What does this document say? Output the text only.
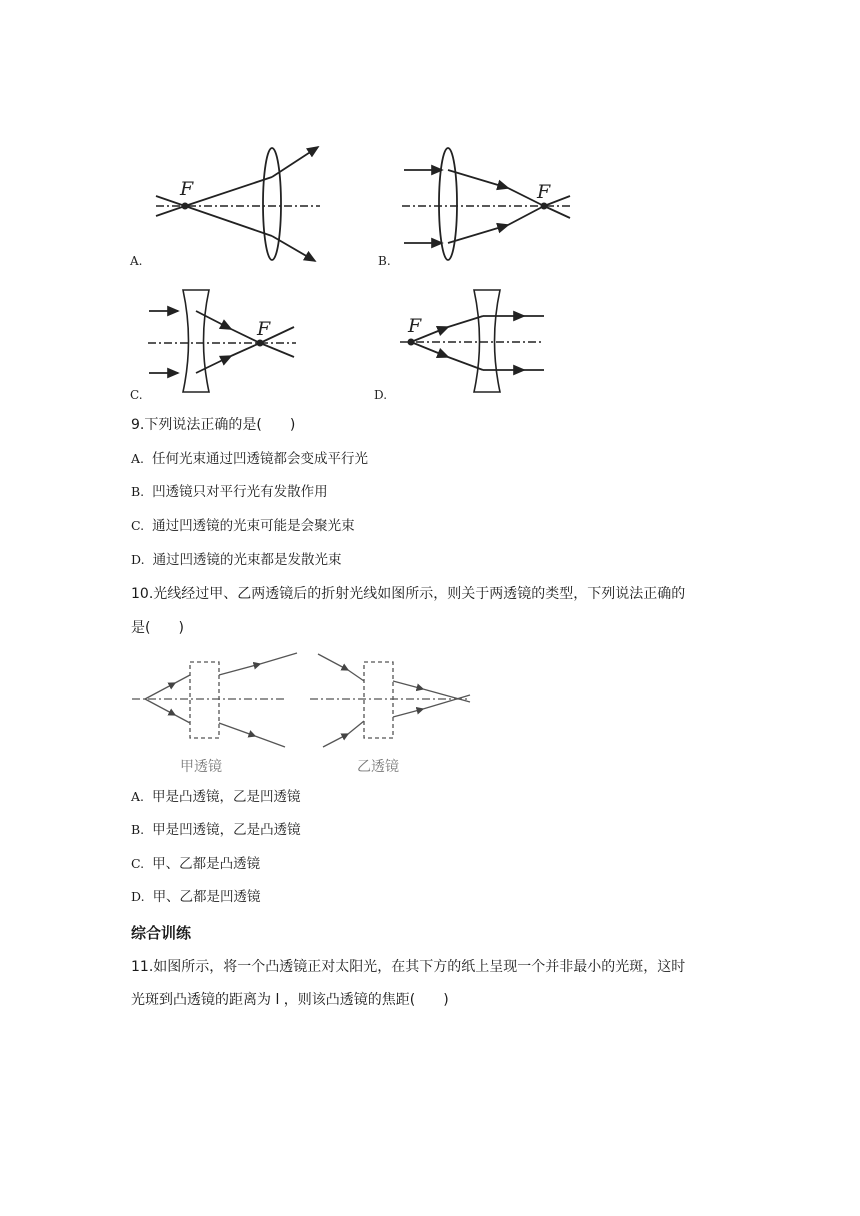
F
A.
F
B.
F
C.
F
D.
9.下列说法正确的是(　　)
A. 任何光束通过凹透镜都会变成平行光
B. 凹透镜只对平行光有发散作用
C. 通过凹透镜的光束可能是会聚光束
D. 通过凹透镜的光束都是发散光束
10.光线经过甲、乙两透镜后的折射光线如图所示，则关于两透镜的类型，下列说法正确的
是(　　)
甲透镜	乙透镜
A. 甲是凸透镜，乙是凹透镜
B. 甲是凹透镜，乙是凸透镜
C. 甲、乙都是凸透镜
D. 甲、乙都是凹透镜
综合训练
11.如图所示，将一个凸透镜正对太阳光，在其下方的纸上呈现一个并非最小的光斑，这时
光斑到凸透镜的距离为 l ，则该凸透镜的焦距(　　)
